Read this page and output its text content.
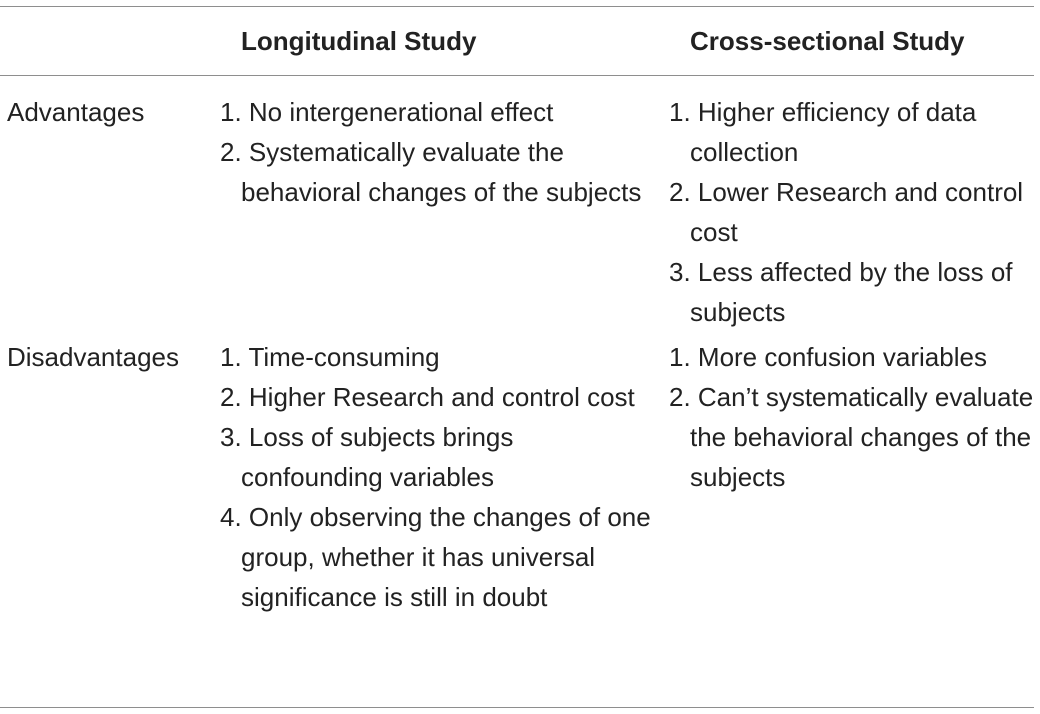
Longitudinal Study	Cross-sectional Study
Advantages	1. No intergenerational effect
2. Systematically evaluate the behavioral changes of the subjects
1. Higher efficiency of data collection
2. Lower Research and control cost
3. Less affected by the loss of subjects
Disadvantages 1. Time-consuming
2. Higher Research and control cost
3. Loss of subjects brings confounding variables
4. Only observing the changes of one group, whether it has universal significance is still in doubt
1. More confusion variables
2. Can’t systematically evaluate the behavioral changes of the subjects
